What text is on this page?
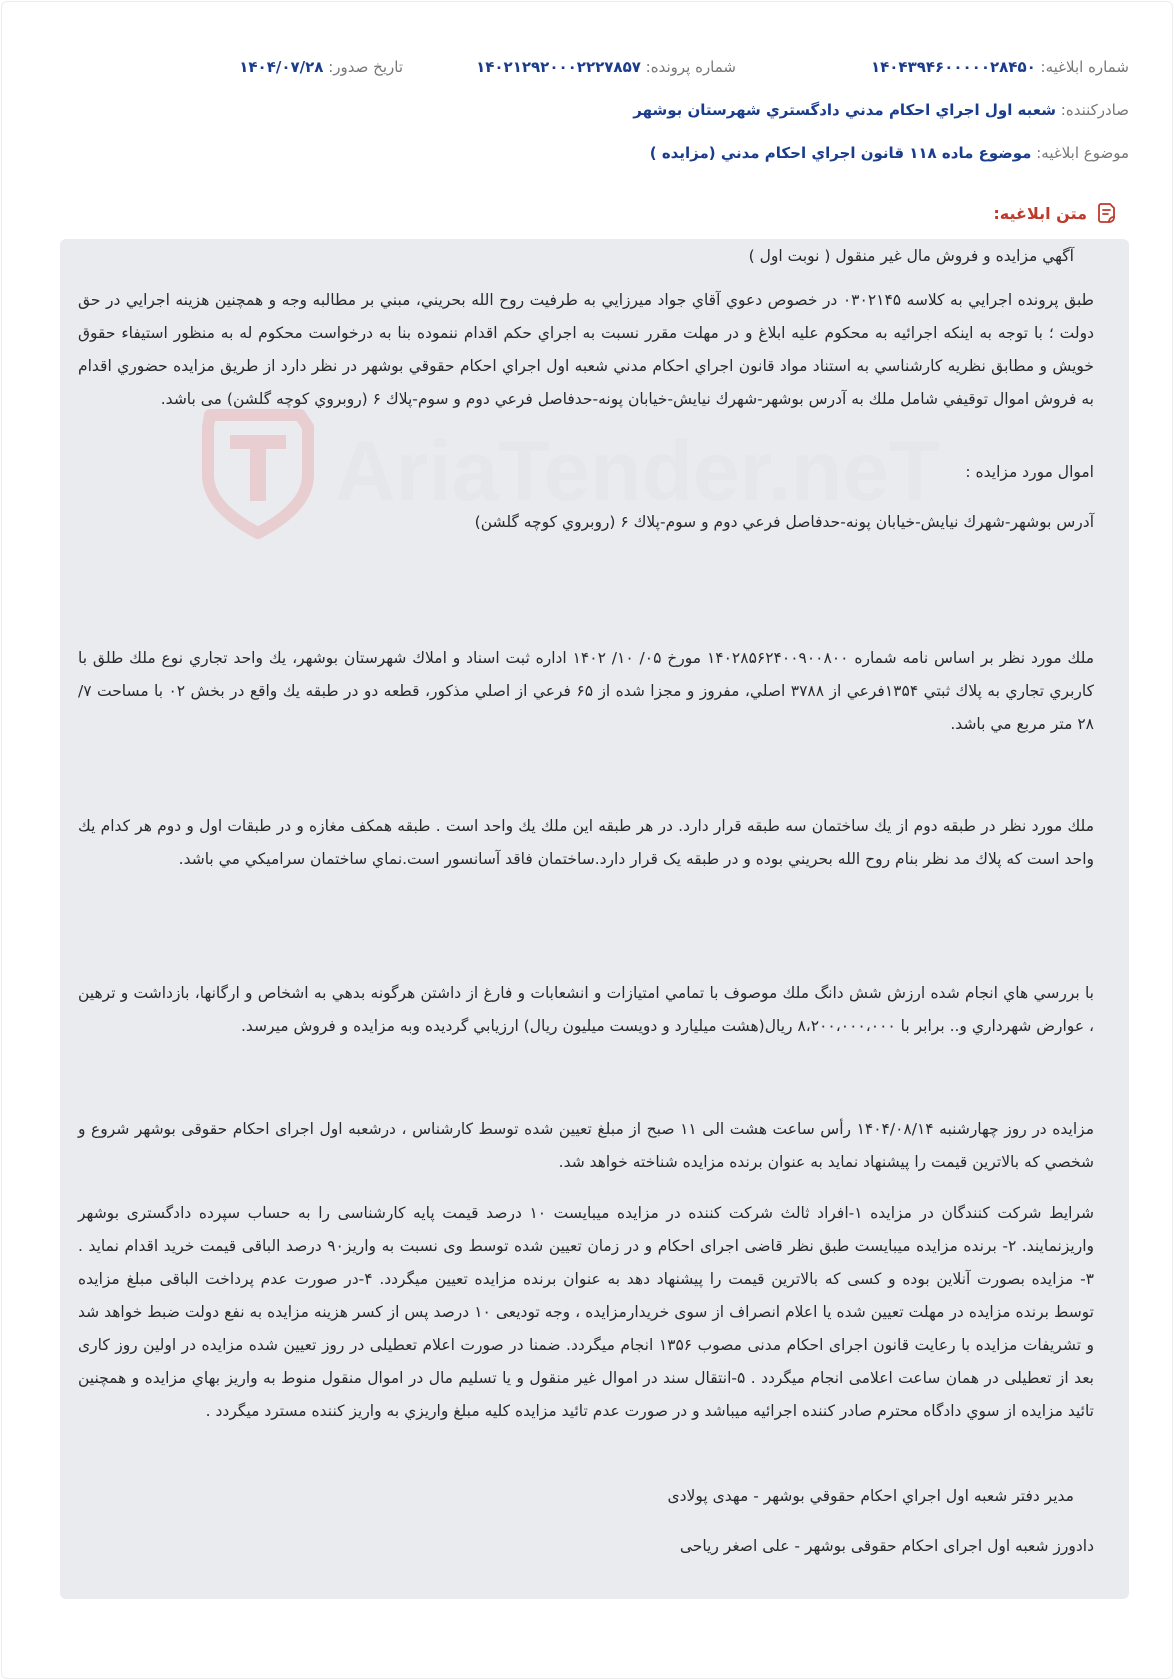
شماره ابلاغیه: ۱۴۰۴۳۹۴۶۰۰۰۰۰۲۸۴۵۰
شماره پرونده: ۱۴۰۲۱۲۹۲۰۰۰۲۲۲۷۸۵۷
تاریخ صدور: ۱۴۰۴/۰۷/۲۸
صادرکننده: شعبه اول اجراي احكام مدني دادگستري شهرستان بوشهر
موضوع ابلاغیه: موضوع ماده ۱۱۸ قانون اجراي احكام مدني (مزايده )
متن ابلاغیه:
AriaTender.neT
آگهي مزايده و فروش مال غير منقول ( نوبت اول )
طبق پرونده اجرايي به كلاسه ۰۳۰۲۱۴۵ در خصوص دعوي آقاي جواد ميرزايي به طرفيت روح الله بحريني، مبني بر مطالبه وجه و همچنين هزينه اجرايي در حق دولت ؛ با توجه به اينكه اجرائيه به محكوم عليه ابلاغ و در مهلت مقرر نسبت به اجراي حكم اقدام ننموده بنا به درخواست محكوم له به منظور استيفاء حقوق خويش و مطابق نظريه كارشناسي به استناد مواد قانون اجراي احكام مدني شعبه اول اجراي احكام حقوقي بوشهر در نظر دارد از طريق مزايده حضوري اقدام به فروش اموال توقيفي شامل ملك به آدرس بوشهر-شهرك نيايش-خيابان پونه-حدفاصل فرعي دوم و سوم-پلاك ۶ (روبروي كوچه گلشن) می باشد.
اموال مورد مزايده :
آدرس بوشهر-شهرك نيايش-خيابان پونه-حدفاصل فرعي دوم و سوم-پلاك ۶ (روبروي كوچه گلشن)
ملك مورد نظر بر اساس نامه شماره ۱۴۰۲۸۵۶۲۴۰۰۹۰۰۸۰۰ مورخ ۰۵/ ۱۰/ ۱۴۰۲ اداره ثبت اسناد و املاك شهرستان بوشهر، يك واحد تجاري نوع ملك طلق با كاربري تجاري به پلاك ثبتي ۱۳۵۴فرعي از ۳۷۸۸ اصلي، مفروز و مجزا شده از ۶۵ فرعي از اصلي مذكور، قطعه دو در طبقه يك واقع در بخش ۰۲ با مساحت ۷/ ۲۸ متر مربع مي باشد.
ملك مورد نظر در طبقه دوم از يك ساختمان سه طبقه قرار دارد. در هر طبقه اين ملك يك واحد است . طبقه همكف مغازه و در طبقات اول و دوم هر كدام يك واحد است كه پلاك مد نظر بنام روح الله بحريني بوده و در طبقه يک قرار دارد.ساختمان فاقد آسانسور است.نماي ساختمان سراميكي مي باشد.
با بررسي هاي انجام شده ارزش شش دانگ ملك موصوف با تمامي امتيازات و انشعابات و فارغ از داشتن هرگونه بدهي به اشخاص و ارگانها، بازداشت و ترهين ، عوارض شهرداري و.. برابر با ۸،۲۰۰،۰۰۰،۰۰۰ ريال(هشت ميليارد و دويست ميليون ريال) ارزيابي گرديده وبه مزايده و فروش ميرسد.
مزايده در روز چهارشنبه ۱۴۰۴/۰۸/۱۴ رأس ساعت هشت الی ۱۱ صبح از مبلغ تعيين شده توسط كارشناس ، درشعبه اول اجرای احکام حقوقی بوشهر شروع و شخصي كه بالاترين قيمت را پيشنهاد نمايد به عنوان برنده مزايده شناخته خواهد شد.
شرايط شرکت کنندگان در مزايده ۱-افراد ثالث شرکت کننده در مزايده میبایست ۱۰ درصد قیمت پایه کارشناسی را به حساب سپرده دادگستری بوشهر واریزنمایند. ۲- برنده مزايده ميبايست طبق نظر قاضی اجرای احکام و در زمان تعیین شده توسط وی نسبت به واریز۹۰ درصد الباقی قيمت خريد اقدام نمايد . ۳- مزايده بصورت آنلاين بوده و کسی که بالاترين قيمت را پيشنهاد دهد به عنوان برنده مزايده تعيين ميگردد. ۴-در صورت عدم پرداخت الباقی مبلغ مزایده توسط برنده مزایده در مهلت تعیین شده یا اعلام انصراف از سوی خریدارمزایده ، وجه تودیعی ۱۰ درصد پس از کسر هزینه مزایده به نفع دولت ضبط خواهد شد و تشریفات مزایده با رعایت قانون اجرای احکام مدنی مصوب ۱۳۵۶ انجام میگردد. ضمنا در صورت اعلام تعطیلی در روز تعیین شده مزایده در اولین روز کاری بعد از تعطیلی در همان ساعت اعلامی انجام میگردد . ۵-انتقال سند در اموال غير منقول و يا تسليم مال در اموال منقول منوط به واريز بهاي مزايده و همچنين تائيد مزايده از سوي دادگاه محترم صادر كننده اجرائيه ميباشد و در صورت عدم تائيد مزايده كليه مبلغ واريزي به واريز كننده مسترد ميگردد .
مدير دفتر شعبه اول اجراي احكام حقوقي بوشهر - مهدی پولادی
دادورز شعبه اول اجرای احکام حقوقی بوشهر - علی اصغر رياحی
